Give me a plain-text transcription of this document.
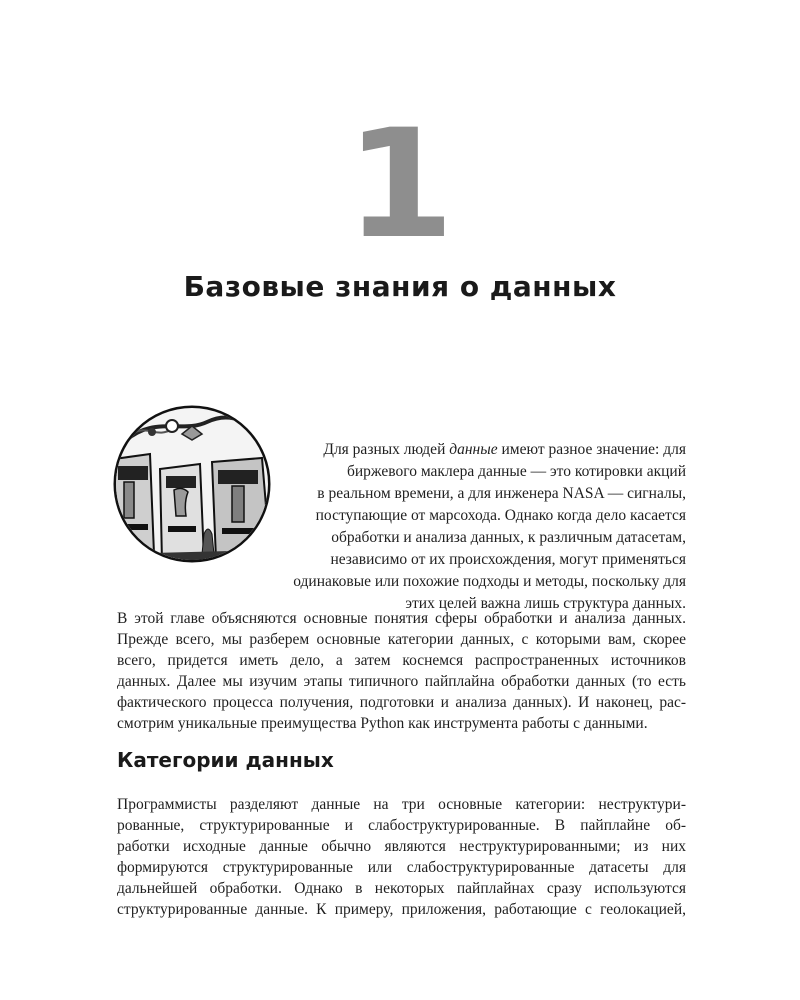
1
Базовые знания о данных
Для разных людей данные имеют разное значение: для
биржевого маклера данные — это котировки акций
в реальном времени, а для инженера NASA — сигналы,
поступающие от марсохода. Однако когда дело касается
обработки и анализа данных, к различным датасетам,
независимо от их происхождения, могут применяться
одинаковые или похожие подходы и методы, поскольку для
этих целей важна лишь структура данных.
В этой главе объясняются основные понятия сферы обработки и анализа данных.
Прежде всего, мы разберем основные категории данных, с которыми вам, скорее
всего, придется иметь дело, а затем коснемся распространенных источников
данных. Далее мы изучим этапы типичного пайплайна обработки данных (то есть
фактического процесса получения, подготовки и анализа данных). И наконец, рас-
смотрим уникальные преимущества Python как инструмента работы с данными.
Категории данных
Программисты разделяют данные на три основные категории: неструктури-
рованные, структурированные и слабоструктурированные. В пайплайне об-
работки исходные данные обычно являются неструктурированными; из них
формируются структурированные или слабоструктурированные датасеты для
дальнейшей обработки. Однако в некоторых пайплайнах сразу используются
структурированные данные. К примеру, приложения, работающие с геолокацией,
